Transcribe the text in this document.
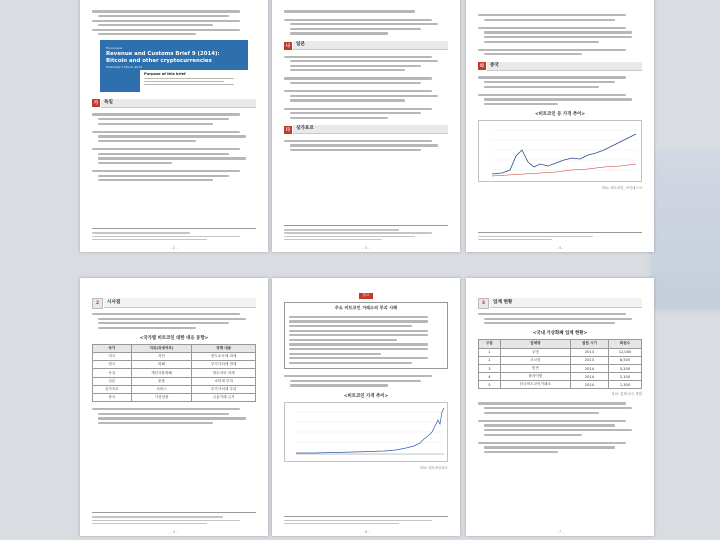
Fiscal paper
Revenue and Customs Brief 9 (2014): Bitcoin and other cryptocurrencies
Published 3 March 2014
Purpose of this brief
가	독일
- 2 -
나	일본
다	싱가포르
- 3 -
라	중국
<비트코인 등 가격 추이>
자료: 비트코인, 코인데스크
- 4 -
2	시사점
<국가별 비트코인 대한 대응 동향>
국가	지위(과세여부)	정책 내용
미국	자산	양도소득세 과세
영국	화폐	부가가치세 면세
독일	개인사용화폐	양도차익 과세
일본	물품	소비세 부과
싱가포르	서비스	부가가치세 부과
중국	가상상품	금융거래 금지
- 5 -
참고
주요 비트코인 거래소의 붕괴 사례
<비트코인 가격 추이>
자료: 비트코인차트
- 6 -
3	업계 현황
<국내 가상화폐 업계 현황>
구분	업체명	설립 시기	회원수
1	코빗	2013	12,000
2	코르빗	2013	8,500
3	빗썬	2014	5,200
4	플라이빗	2014	2,100
5	한국비트코인거래소	2014	1,300
자료: 업계 보도 종합
- 7 -
